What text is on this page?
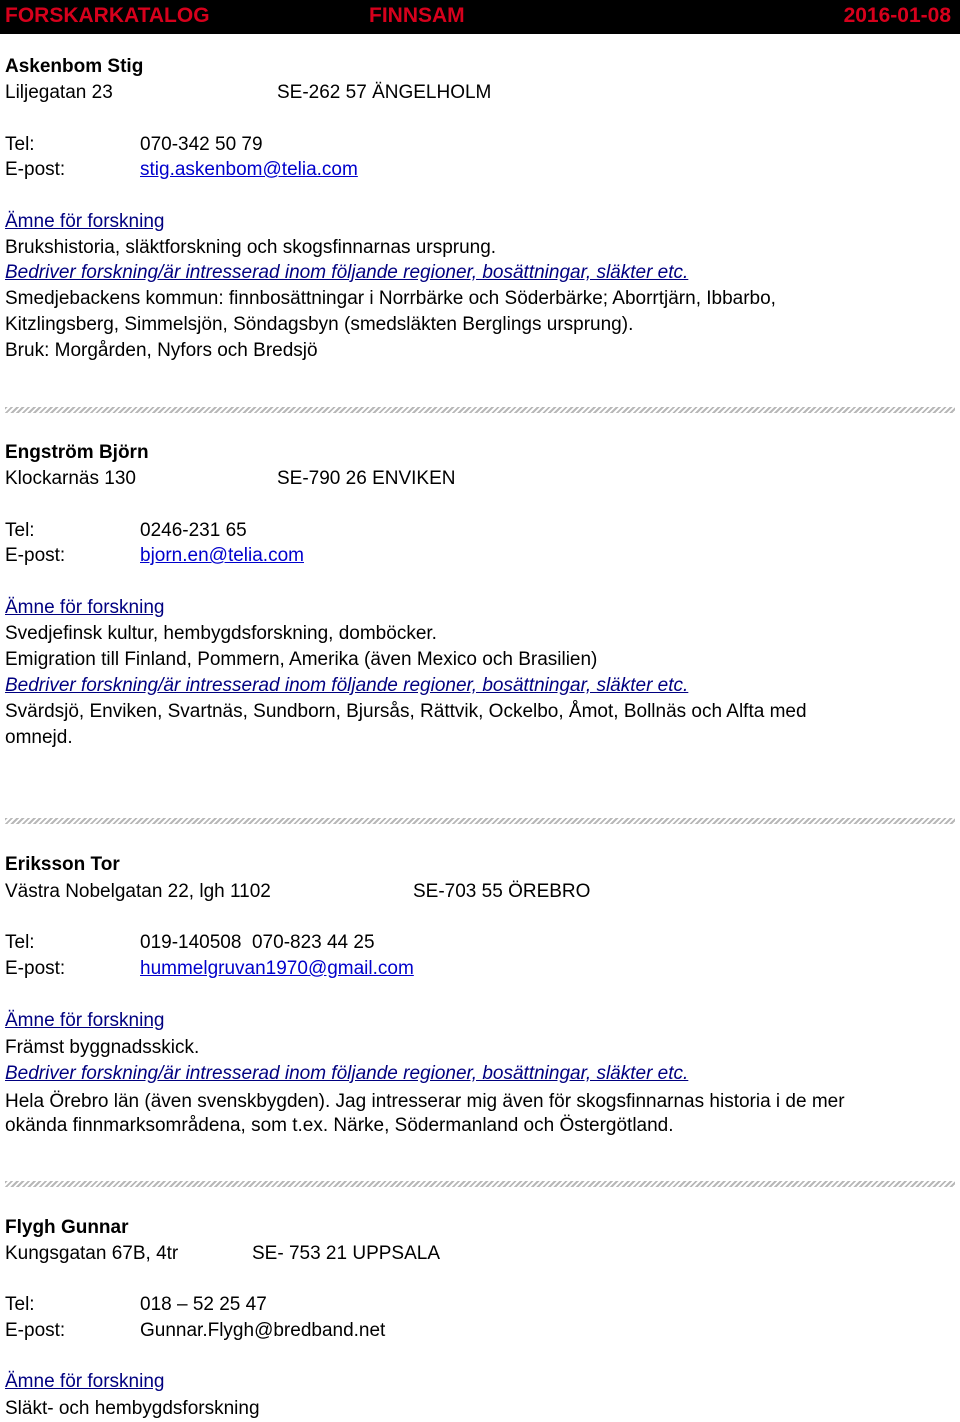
FORSKARKATALOG	FINNSAM	2016-01-08
Askenbom Stig
Liljegatan 23	SE-262 57 ÄNGELHOLM
Tel:	070-342 50 79
E-post:	stig.askenbom@telia.com
Ämne för forskning
Brukshistoria, släktforskning och skogsfinnarnas ursprung.
Bedriver forskning/är intresserad inom följande regioner, bosättningar, släkter etc.
Smedjebackens kommun: finnbosättningar i Norrbärke och Söderbärke; Aborrtjärn, Ibbarbo,
Kitzlingsberg, Simmelsjön, Söndagsbyn (smedsläkten Berglings ursprung).
Bruk: Morgården, Nyfors och Bredsjö
Engström Björn
Klockarnäs 130	SE-790 26 ENVIKEN
Tel:	0246-231 65
E-post:	bjorn.en@telia.com
Ämne för forskning
Svedjefinsk kultur, hembygdsforskning, domböcker.
Emigration till Finland, Pommern, Amerika (även Mexico och Brasilien)
Bedriver forskning/är intresserad inom följande regioner, bosättningar, släkter etc.
Svärdsjö, Enviken, Svartnäs, Sundborn, Bjursås, Rättvik, Ockelbo, Åmot, Bollnäs och Alfta med
omnejd.
Eriksson Tor
Västra Nobelgatan 22, lgh 1102	SE-703 55 ÖREBRO
Tel:	019-140508  070-823 44 25
E-post:	hummelgruvan1970@gmail.com
Ämne för forskning
Främst byggnadsskick.
Bedriver forskning/är intresserad inom följande regioner, bosättningar, släkter etc.
Hela Örebro län (även svenskbygden). Jag intresserar mig även för skogsfinnarnas historia i de mer
okända finnmarksområdena, som t.ex. Närke, Södermanland och Östergötland.
Flygh Gunnar
Kungsgatan 67B, 4tr	SE- 753 21 UPPSALA
Tel:	018 – 52 25 47
E-post:	Gunnar.Flygh@bredband.net
Ämne för forskning
Släkt- och hembygdsforskning
